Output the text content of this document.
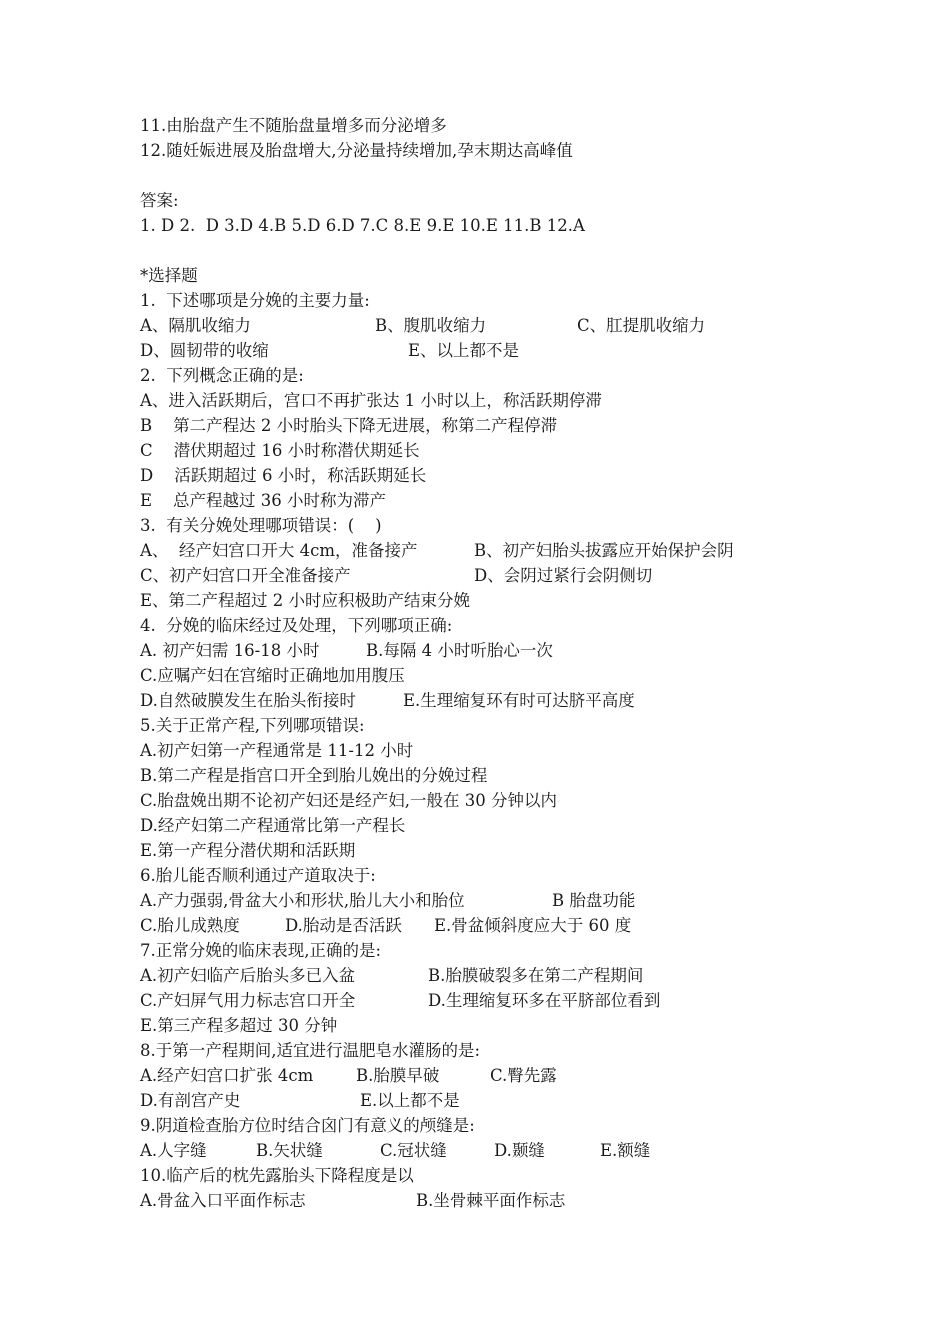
11.由胎盘产生不随胎盘量增多而分泌增多
12.随妊娠进展及胎盘增大,分泌量持续增加,孕末期达高峰值
答案:
1. D 2.  D 3.D 4.B 5.D 6.D 7.C 8.E 9.E 10.E 11.B 12.A
*选择题
1.  下述哪项是分娩的主要力量:
A、隔肌收缩力	B、腹肌收缩力	C、肛提肌收缩力
D、圆韧带的收缩	E、以上都不是
2.  下列概念正确的是:
A、进入活跃期后，宫口不再扩张达 1 小时以上，称活跃期停滞
B    第二产程达 2 小时胎头下降无进展，称第二产程停滞
C    潜伏期超过 16 小时称潜伏期延长
D    活跃期超过 6 小时，称活跃期延长
E    总产程越过 36 小时称为滞产
3.  有关分娩处理哪项错误：(    )
A、  经产妇宫口开大 4cm，准备接产	B、初产妇胎头拔露应开始保护会阴
C、初产妇宫口开全准备接产	D、会阴过紧行会阴侧切
E、第二产程超过 2 小时应积极助产结束分娩
4.  分娩的临床经过及处理，下列哪项正确:
A. 初产妇需 16-18 小时	B.每隔 4 小时听胎心一次
C.应嘱产妇在宫缩时正确地加用腹压
D.自然破膜发生在胎头衔接时	E.生理缩复环有时可达脐平高度
5.关于正常产程,下列哪项错误:
A.初产妇第一产程通常是 11-12 小时
B.第二产程是指宫口开全到胎儿娩出的分娩过程
C.胎盘娩出期不论初产妇还是经产妇,一般在 30 分钟以内
D.经产妇第二产程通常比第一产程长
E.第一产程分潜伏期和活跃期
6.胎儿能否顺利通过产道取决于:
A.产力强弱,骨盆大小和形状,胎儿大小和胎位	B 胎盘功能
C.胎儿成熟度	D.胎动是否活跃 E.骨盆倾斜度应大于 60 度
7.正常分娩的临床表现,正确的是:
A.初产妇临产后胎头多已入盆	B.胎膜破裂多在第二产程期间
C.产妇屏气用力标志宫口开全	D.生理缩复环多在平脐部位看到
E.第三产程多超过 30 分钟
8.于第一产程期间,适宜进行温肥皂水灌肠的是:
A.经产妇宫口扩张 4cm	B.胎膜早破	C.臀先露
D.有剖宫产史	E.以上都不是
9.阴道检查胎方位时结合囟门有意义的颅缝是:
A.人字缝	B.矢状缝	C.冠状缝	D.颞缝	E.额缝
10.临产后的枕先露胎头下降程度是以
A.骨盆入口平面作标志	B.坐骨棘平面作标志
